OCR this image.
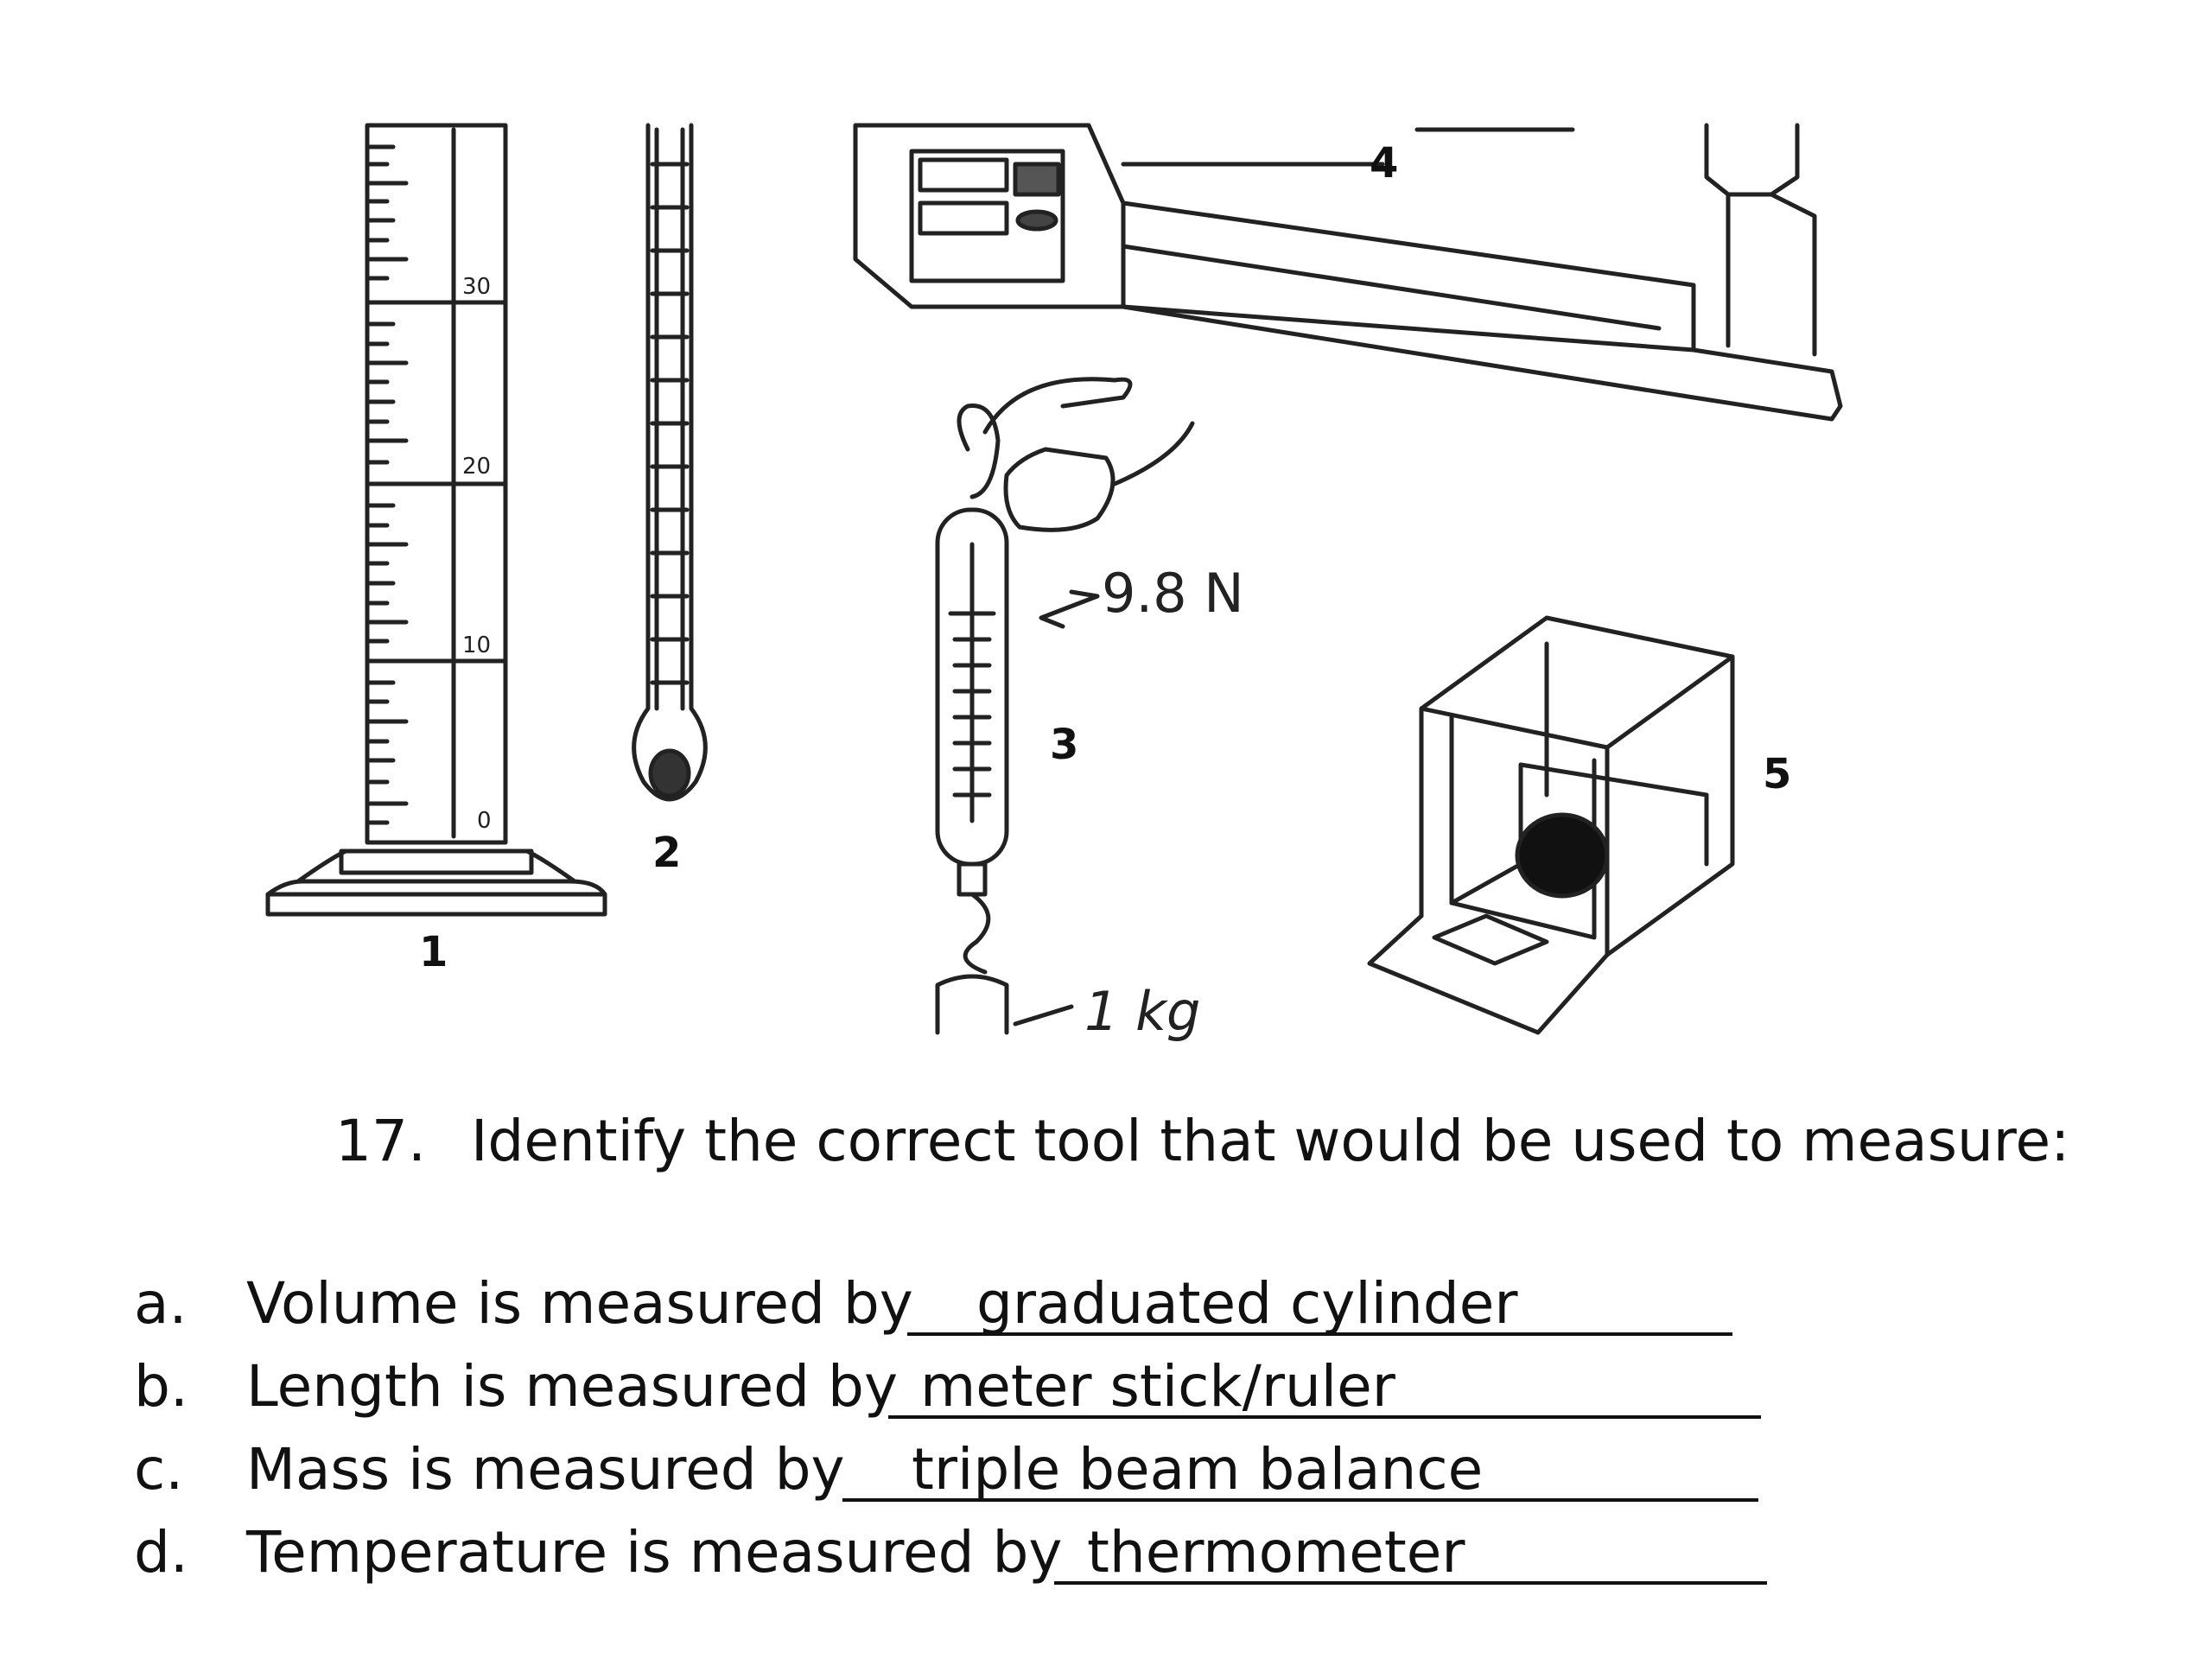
30
20
10
0
9.8 N
1 kg
1
2
3
4
5
17. Identify the correct tool that would be used to measure:
a. Volume is measured by graduated cylinder
b. Length is measured by meter stick/ruler
c. Mass is measured by triple beam balance
d. Temperature is measured by thermometer
